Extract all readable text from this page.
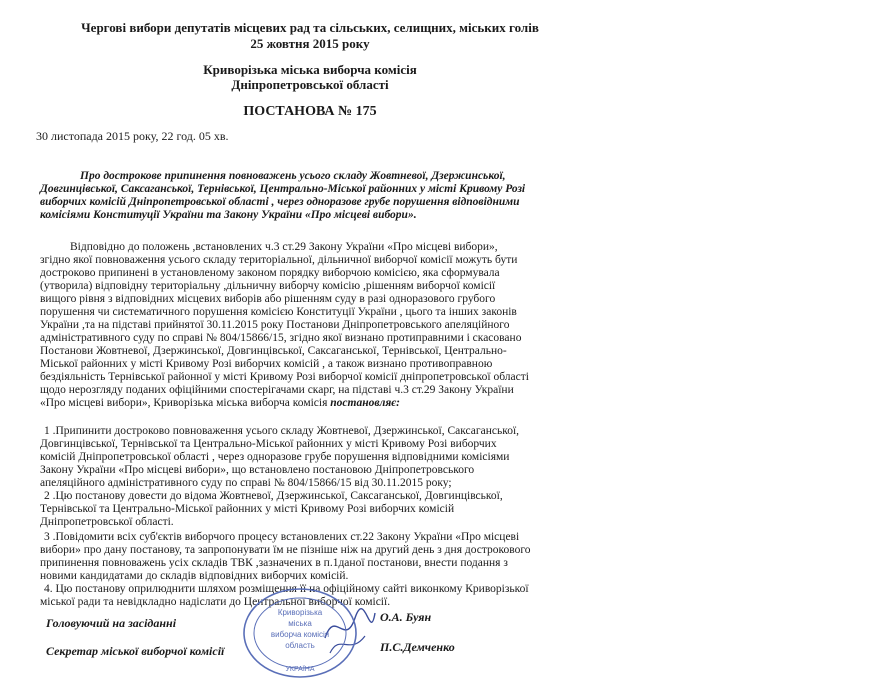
Чергові вибори депутатів місцевих рад та сільських, селищних, міських голів
25 жовтня 2015 року
Криворізька міська виборча комісія
Дніпропетровської області
ПОСТАНОВА № 175
30 листопада 2015 року, 22 год. 05 хв.
Про дострокове припинення повноважень усього складу Жовтневої, Дзержинської,
Довгинцівської, Саксаганської, Тернівської, Центрально-Міської районних у місті Кривому Розі
виборчих комісій Дніпропетровської області , через одноразове грубе порушення відповідними
комісіями Конституції України та Закону України «Про місцеві вибори».
Відповідно до положень ,встановлених ч.3 ст.29 Закону України «Про місцеві вибори»,
згідно якої повноваження усього складу територіальної, дільничної виборчої комісії можуть бути
достроково припинені в установленому законом порядку виборчою комісією, яка сформувала
(утворила) відповідну територіальну ,дільничну виборчу комісію ,рішенням виборчої комісії
вищого рівня з відповідних місцевих виборів або рішенням суду в разі одноразового грубого
порушення чи систематичного порушення комісією Конституції України , цього та інших законів
України ,та на підставі прийнятої 30.11.2015 року Постанови Дніпропетровського апеляційного
адміністративного суду по справі № 804/15866/15, згідно якої визнано протиправними і скасовано
Постанови Жовтневої, Дзержинської, Довгинцівської, Саксаганської, Тернівської, Центрально-
Міської районних у місті Кривому Розі виборчих комісій , а також визнано противоправною
бездіяльність Тернівської районної у місті Кривому Розі виборчої комісії дніпропетровської області
щодо нерозгляду поданих офіційними спостерігачами скарг, на підставі ч.3 ст.29 Закону України
«Про місцеві вибори», Криворізька міська виборча комісія постановляє:
1 .Припинити достроково повноваження усього складу Жовтневої, Дзержинської, Саксаганської,
Довгинцівської, Тернівської та Центрально-Міської районних у місті Кривому Розі виборчих
комісій Дніпропетровської області , через одноразове грубе порушення відповідними комісіями
Закону України «Про місцеві вибори», що встановлено постановою Дніпропетровського
апеляційного адміністративного суду по справі № 804/15866/15 від 30.11.2015 року;
2 .Цю постанову довести до відома Жовтневої, Дзержинської, Саксаганської, Довгинцівської,
Тернівської та Центрально-Міської районних у місті Кривому Розі виборчих комісій
Дніпропетровської області.
3 .Повідомити всіх суб'єктів виборчого процесу встановлених ст.22 Закону України «Про місцеві
вибори» про дану постанову, та запропонувати їм не пізніше ніж на другий день з дня дострокового
припинення повноважень усіх складів ТВК ,зазначених в п.1даної постанови, внести подання з
новими кандидатами до складів відповідних виборчих комісій.
4. Цю постанову оприлюднити шляхом розміщення її на офіційному сайті виконкому Криворізької
міської ради та невідкладно надіслати до Центральної виборчої комісії.
Головуючий на засіданні	О.А. Буян
Секретар міської виборчої комісії	П.С.Демченко
Криворізька
міська
виборча комісія
область
УКРАЇНА
